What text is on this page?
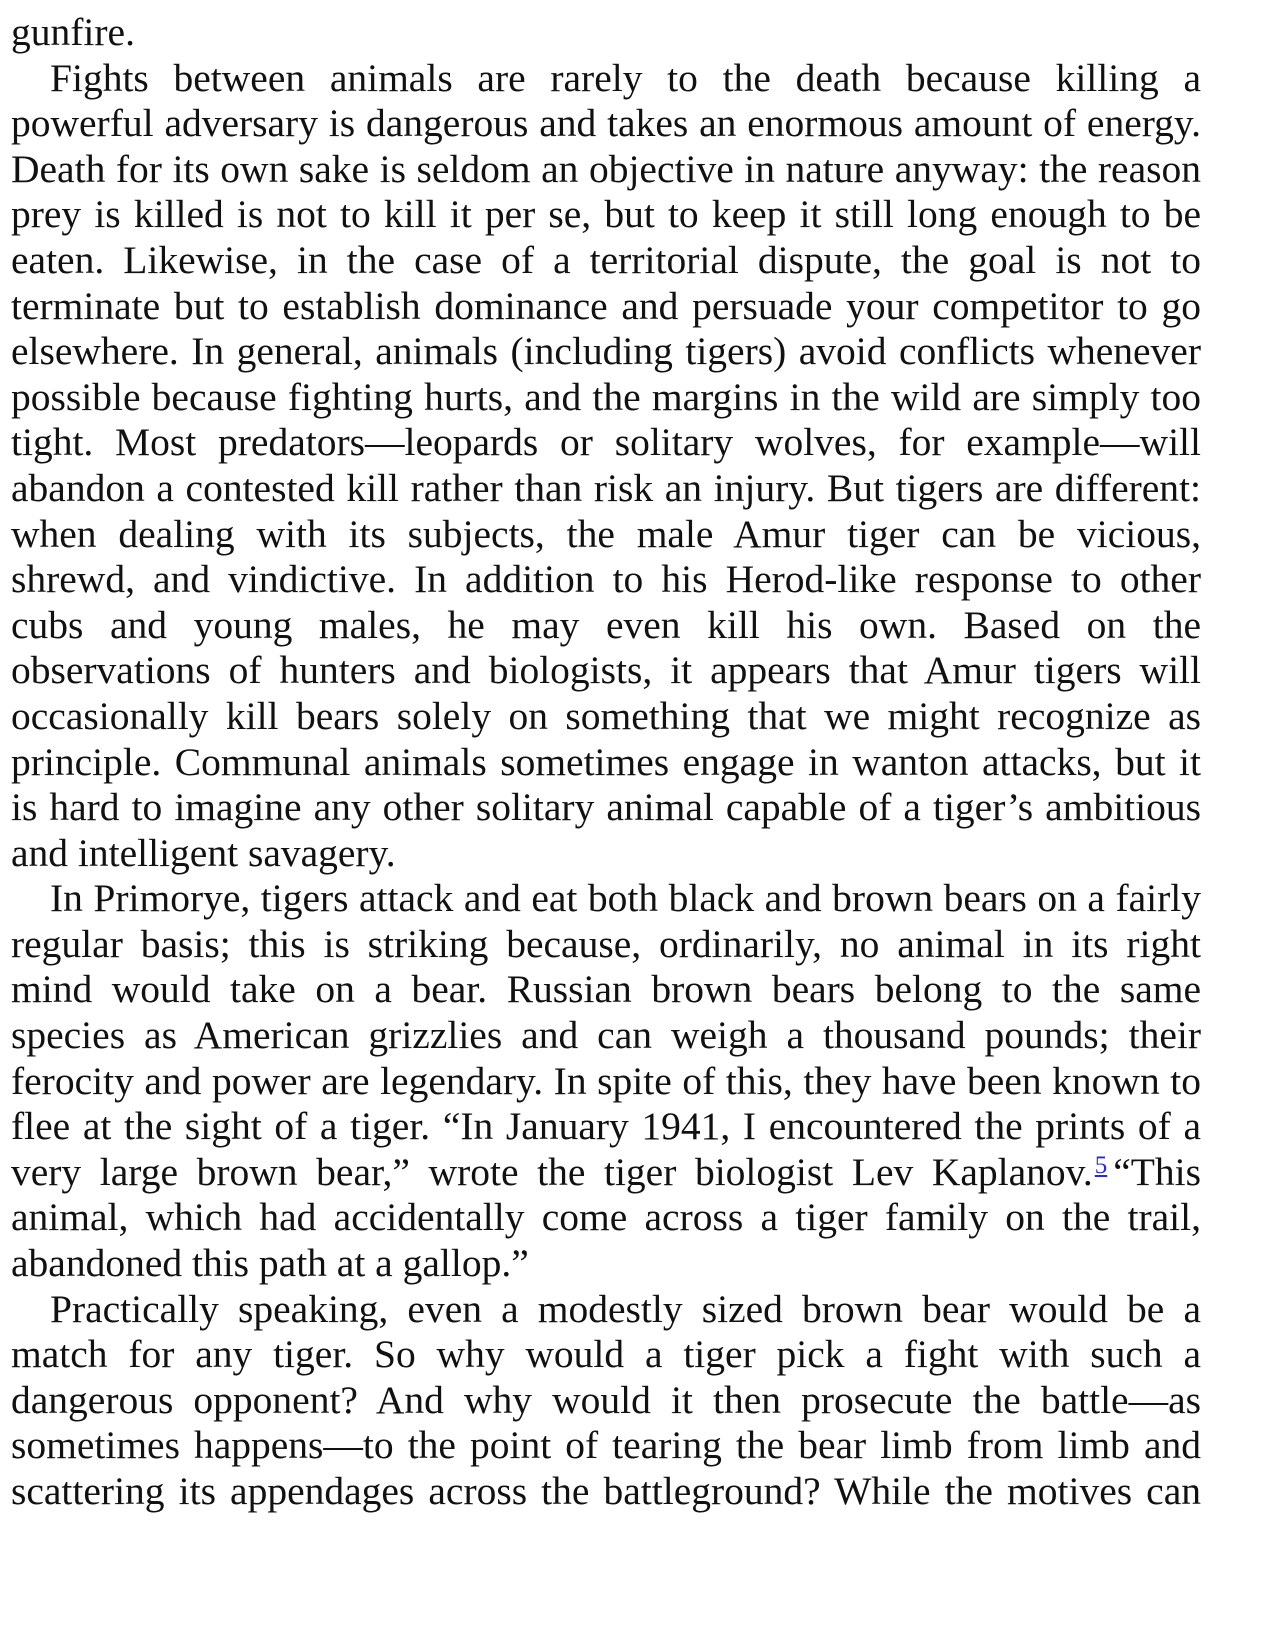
gunfire.

Fights between animals are rarely to the death because killing a powerful adversary is dangerous and takes an enormous amount of energy. Death for its own sake is seldom an objective in nature anyway: the reason prey is killed is not to kill it per se, but to keep it still long enough to be eaten. Likewise, in the case of a territorial dispute, the goal is not to terminate but to establish dominance and persuade your competitor to go elsewhere. In general, animals (including tigers) avoid conflicts whenever possible because fighting hurts, and the margins in the wild are simply too tight. Most predators—leopards or solitary wolves, for example—will abandon a contested kill rather than risk an injury. But tigers are different: when dealing with its subjects, the male Amur tiger can be vicious, shrewd, and vindictive. In addition to his Herod-like response to other cubs and young males, he may even kill his own. Based on the observations of hunters and biologists, it appears that Amur tigers will occasionally kill bears solely on something that we might recognize as principle. Communal animals sometimes engage in wanton attacks, but it is hard to imagine any other solitary animal capable of a tiger’s ambitious and intelligent savagery.

In Primorye, tigers attack and eat both black and brown bears on a fairly regular basis; this is striking because, ordinarily, no animal in its right mind would take on a bear. Russian brown bears belong to the same species as American grizzlies and can weigh a thousand pounds; their ferocity and power are legendary. In spite of this, they have been known to flee at the sight of a tiger. “In January 1941, I encountered the prints of a very large brown bear,” wrote the tiger biologist Lev Kaplanov.$^5$ “This animal, which had accidentally come across a tiger family on the trail, abandoned this path at a gallop.”

Practically speaking, even a modestly sized brown bear would be a match for any tiger. So why would a tiger pick a fight with such a dangerous opponent? And why would it then prosecute the battle—as sometimes happens—to the point of tearing the bear limb from limb and scattering its appendages across the battleground? While the motives can
